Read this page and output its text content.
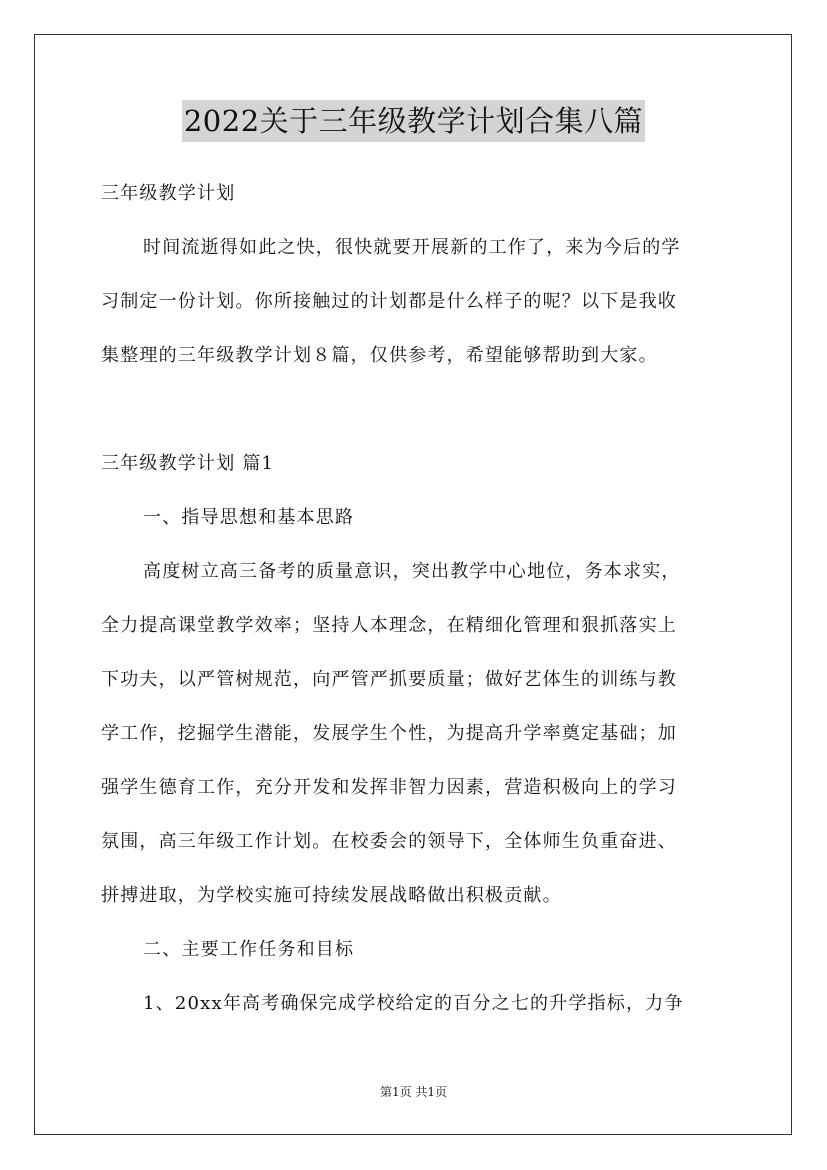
2022关于三年级教学计划合集八篇
三年级教学计划
时间流逝得如此之快，很快就要开展新的工作了，来为今后的学
习制定一份计划。你所接触过的计划都是什么样子的呢？以下是我收
集整理的三年级教学计划８篇，仅供参考，希望能够帮助到大家。
三年级教学计划 篇1
一、指导思想和基本思路
高度树立高三备考的质量意识，突出教学中心地位，务本求实，
全力提高课堂教学效率；坚持人本理念，在精细化管理和狠抓落实上
下功夫，以严管树规范，向严管严抓要质量；做好艺体生的训练与教
学工作，挖掘学生潜能，发展学生个性，为提高升学率奠定基础；加
强学生德育工作，充分开发和发挥非智力因素，营造积极向上的学习
氛围，高三年级工作计划。在校委会的领导下，全体师生负重奋进、
拼搏进取，为学校实施可持续发展战略做出积极贡献。
二、主要工作任务和目标
1、20xx年高考确保完成学校给定的百分之七的升学指标，力争
第1页 共1页
